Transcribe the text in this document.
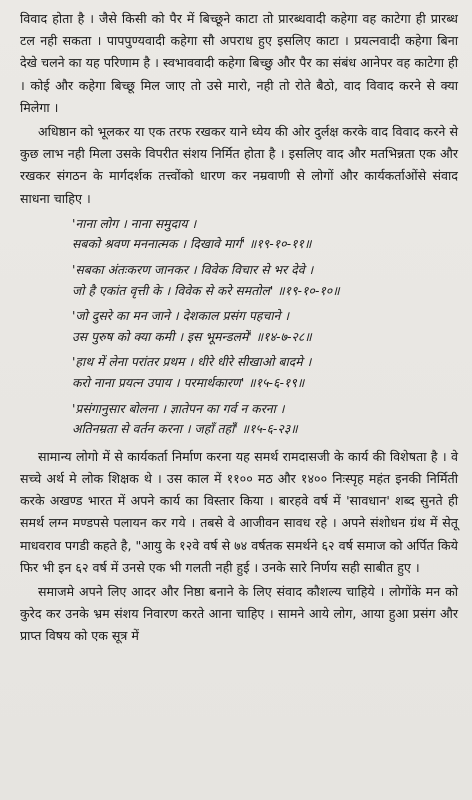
विवाद होता है । जैसे किसी को पैर में बिच्छूने काटा तो प्रारब्धवादी कहेगा वह काटेगा ही प्रारब्ध टल नही सकता । पापपुण्यवादी कहेगा सौ अपराध हुए इसलिए काटा । प्रयत्नवादी कहेगा बिना देखे चलने का यह परिणाम है । स्वभाववादी कहेगा बिच्छु और पैर का संबंध आनेपर वह काटेगा ही । कोई और कहेगा बिच्छू मिल जाए तो उसे मारो, नही तो रोते बैठो, वाद विवाद करने से क्या मिलेगा ।

अधिष्ठान को भूलकर या एक तरफ रखकर याने ध्येय की ओर दुर्लक्ष करके वाद विवाद करने से कुछ लाभ नही मिला उसके विपरीत संशय निर्मित होता है । इसलिए वाद और मतभिन्नता एक और रखकर संगठन के मार्गदर्शक तत्त्वोंको धारण कर नम्रवाणी से लोगों और कार्यकर्ताओंसे संवाद साधना चाहिए ।

'नाना लोग । नाना समुदाय ।
सबको श्रवण मननात्मक । दिखावे मार्ग' ॥१९-१०-११॥
'सबका अंतःकरण जानकर । विवेक विचार से भर देवे ।
जो है एकांत वृत्ती के । विवेक से करे समतोल' ॥१९-१०-१०॥
'जो दुसरे का मन जाने । देशकाल प्रसंग पहचाने ।
उस पुरुष को क्या कमी । इस भूमन्डलमें' ॥१४-७-२८॥
'हाथ में लेना परांतर प्रथम । धीरे धीरे सीखाओ बादमे ।
करो नाना प्रयत्न उपाय । परमार्थकारण' ॥१५-६-१९॥
'प्रसंगानुसार बोलना । ज्ञातेपन का गर्व न करना ।
अतिनम्रता से वर्तन करना । जहाँ तहाँ' ॥१५-६-२३॥

सामान्य लोगो में से कार्यकर्ता निर्माण करना यह समर्थ रामदासजी के कार्य की विशेषता है । वे सच्चे अर्थ मे लोक शिक्षक थे । उस काल में ११०० मठ और १४०० निःस्पृह महंत इनकी निर्मिती करके अखण्ड भारत में अपने कार्य का विस्तार किया । बारहवे वर्ष में 'सावधान' शब्द सुनते ही समर्थ लग्न मण्डपसे पलायन कर गये । तबसे वे आजीवन सावध रहे । अपने संशोधन ग्रंथ में सेतू माधवराव पगडी कहते है, "आयु के १२वे वर्ष से ७४ वर्षतक समर्थने ६२ वर्ष समाज को अर्पित किये फिर भी इन ६२ वर्ष में उनसे एक भी गलती नही हुई । उनके सारे निर्णय सही साबीत हुए ।

समाजमे अपने लिए आदर और निष्ठा बनाने के लिए संवाद कौशल्य चाहिये । लोगोंके मन को कुरेद कर उनके भ्रम संशय निवारण करते आना चाहिए । सामने आये लोग, आया हुआ प्रसंग और प्राप्त विषय को एक सूत्र में
